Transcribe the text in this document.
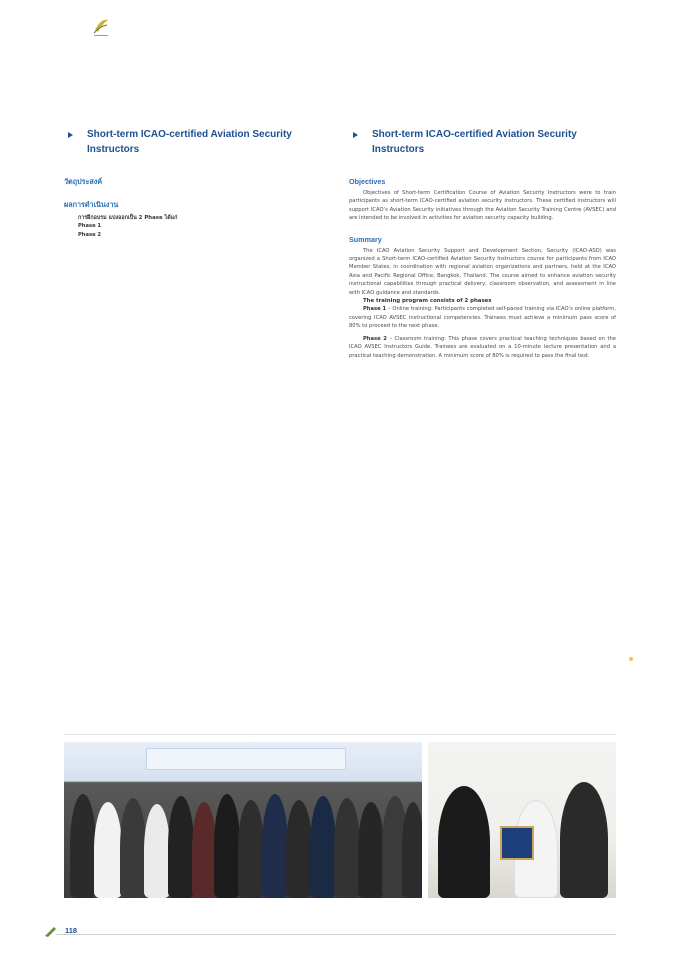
Short-term ICAO-certified Aviation Security Instructors
วัตถุประสงค์

ผลการดำเนินงาน

การฝึกอบรม แบ่งออกเป็น 2 Phase ได้แก่

Phase 1

Phase 2

Short-term ICAO-certified Aviation Security Instructors
Objectives

Objectives of Short-term Certification Course of Aviation Security Instructors were to train participants as short-term ICAO-certified aviation security instructors. These certified instructors will support ICAO’s Aviation Security initiatives through the Aviation Security Training Centre (AVSEC) and are intended to be involved in activities for aviation security capacity building.

Summary

The ICAO Aviation Security Support and Development Section, Security (ICAO-ASD) was organized a Short-term ICAO-certified Aviation Security Instructors course for participants from ICAO Member States, in coordination with regional aviation organizations and partners, held at the ICAO Asia and Pacific Regional Office, Bangkok, Thailand. The course aimed to enhance aviation security instructional capabilities through practical delivery, classroom observation, and assessment in line with ICAO guidance and standards.

The training program consists of 2 phases

Phase 1 – Online training: Participants completed self-paced training via ICAO’s online platform, covering ICAO AVSEC instructional competencies. Trainees must achieve a minimum pass score of 80% to proceed to the next phase.

Phase 2 – Classroom training: This phase covers practical teaching techniques based on the ICAO AVSEC Instructors Guide. Trainees are evaluated on a 10-minute lecture presentation and a practical teaching demonstration. A minimum score of 80% is required to pass the final test.

118
